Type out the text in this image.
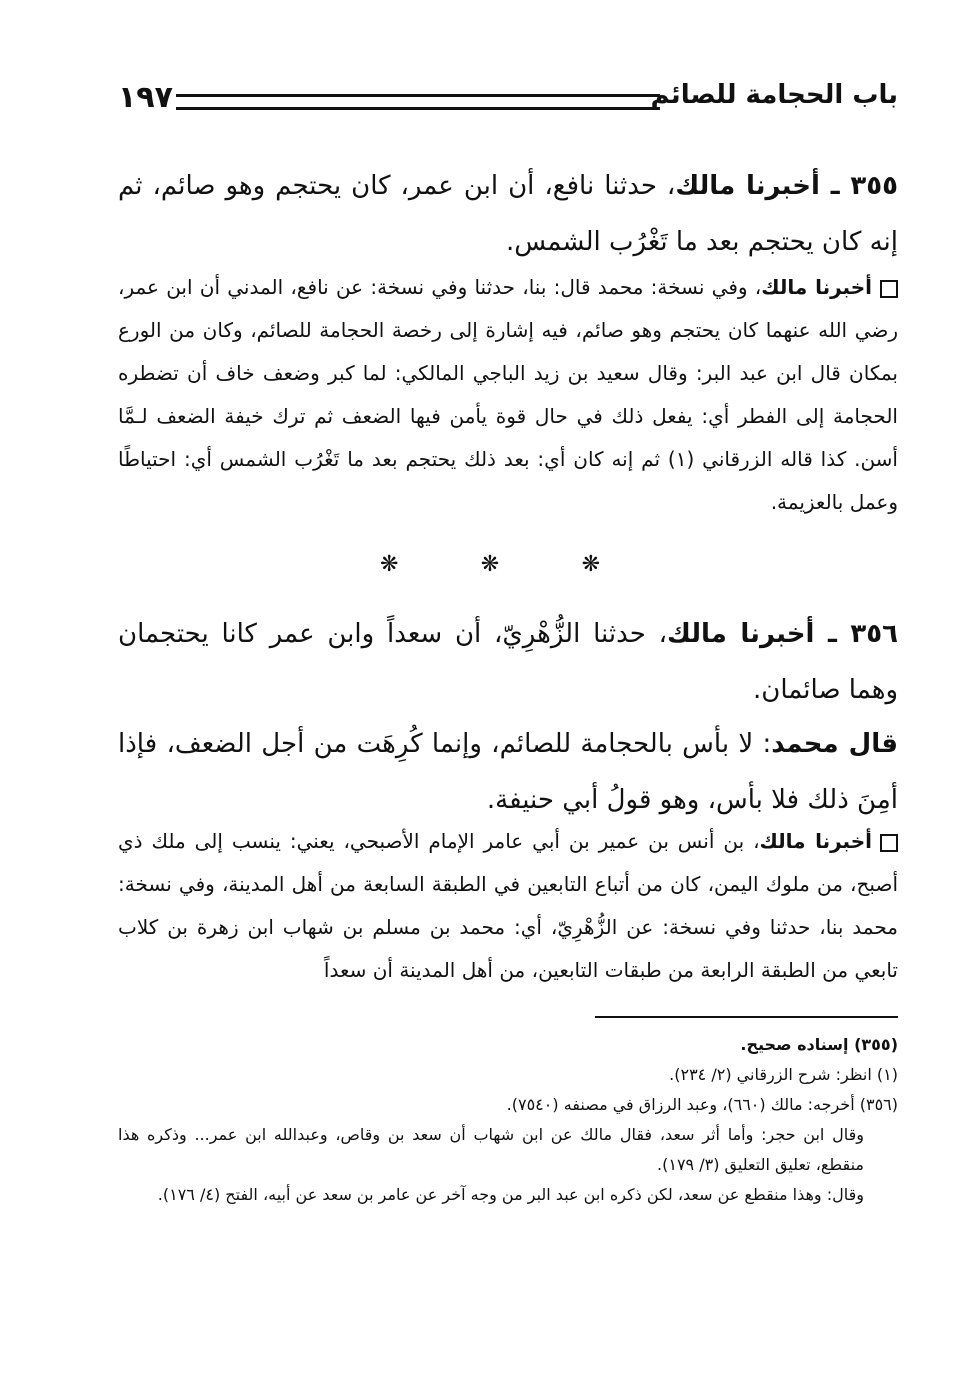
١٩٧	باب الحجامة للصائم
٣٥٥ ـ أخبرنا مالك، حدثنا نافع، أن ابن عمر، كان يحتجم وهو صائم، ثم إنه كان يحتجم بعد ما تَغْرُب الشمس.
أخبرنا مالك، وفي نسخة: محمد قال: بنا، حدثنا وفي نسخة: عن نافع، المدني أن ابن عمر، رضي الله عنهما كان يحتجم وهو صائم، فيه إشارة إلى رخصة الحجامة للصائم، وكان من الورع بمكان قال ابن عبد البر: وقال سعيد بن زيد الباجي المالكي: لما كبر وضعف خاف أن تضطره الحجامة إلى الفطر أي: يفعل ذلك في حال قوة يأمن فيها الضعف ثم ترك خيفة الضعف لـمَّا أسن. كذا قاله الزرقاني (١) ثم إنه كان أي: بعد ذلك يحتجم بعد ما تَغْرُب الشمس أي: احتياطًا وعمل بالعزيمة.
❋	❋	❋
٣٥٦ ـ أخبرنا مالك، حدثنا الزُّهْرِيّ، أن سعداً وابن عمر كانا يحتجمان وهما صائمان.
قال محمد: لا بأس بالحجامة للصائم، وإنما كُرِهَت من أجل الضعف، فإذا أمِنَ ذلك فلا بأس، وهو قولُ أبي حنيفة.
أخبرنا مالك، بن أنس بن عمير بن أبي عامر الإمام الأصبحي، يعني: ينسب إلى ملك ذي أصبح، من ملوك اليمن، كان من أتباع التابعين في الطبقة السابعة من أهل المدينة، وفي نسخة: محمد بنا، حدثنا وفي نسخة: عن الزُّهْرِيّ، أي: محمد بن مسلم بن شهاب ابن زهرة بن كلاب تابعي من الطبقة الرابعة من طبقات التابعين، من أهل المدينة أن سعداً

(٣٥٥) إسناده صحيح.

(١) انظر: شرح الزرقاني (٢/ ٢٣٤).

(٣٥٦) أخرجه: مالك (٦٦٠)، وعبد الرزاق في مصنفه (٧٥٤٠).

وقال ابن حجر: وأما أثر سعد، فقال مالك عن ابن شهاب أن سعد بن وقاص، وعبدالله ابن عمر... وذكره هذا منقطع، تعليق التعليق (٣/ ١٧٩).

وقال: وهذا منقطع عن سعد، لكن ذكره ابن عبد البر من وجه آخر عن عامر بن سعد عن أبيه، الفتح (٤/ ١٧٦).
